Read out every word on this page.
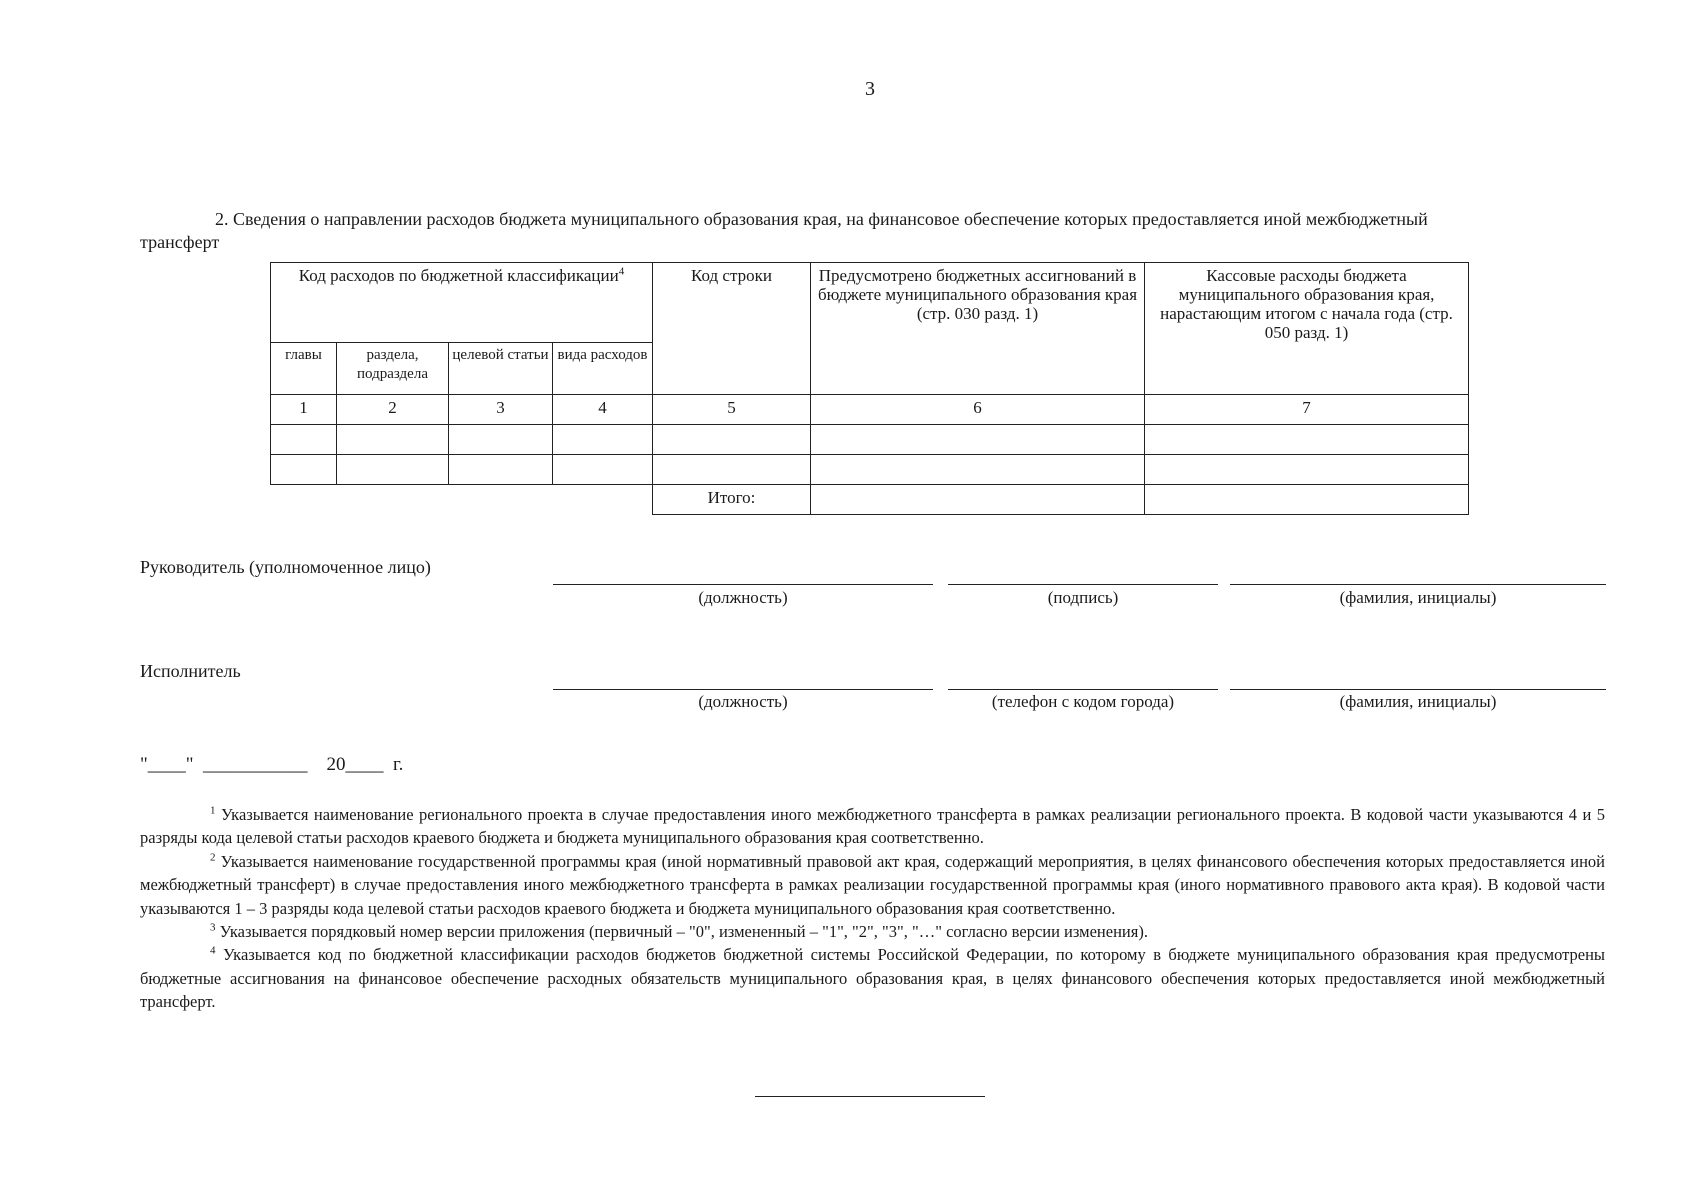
3
2. Сведения о направлении расходов бюджета муниципального образования края, на финансовое обеспечение которых предоставляется иной межбюджетный трансферт
Код расходов по бюджетной классификации$^4$				Код строки	Предусмотрено бюджетных ассигнований в бюджете муниципального образования края (стр. 030 разд. 1)	Кассовые расходы бюджета муниципального образования края, нарастающим итогом с начала года (стр. 050 разд. 1)
главы	раздела, подраздела	целевой статьи	вида расходов			
1	2	3	4	5	6	7

				Итого:		
Руководитель (уполномоченное лицо)
(должность)	(подпись)	(фамилия, инициалы)
Исполнитель
(должность)	(телефон с кодом города)	(фамилия, инициалы)
"____"  ___________    20____  г.

$^1$ Указывается наименование регионального проекта в случае предоставления иного межбюджетного трансферта в рамках реализации регионального проекта. В кодовой части указываются 4 и 5 разряды кода целевой статьи расходов краевого бюджета и бюджета муниципального образования края соответственно.

$^2$ Указывается наименование государственной программы края (иной нормативный правовой акт края, содержащий мероприятия, в целях финансового обеспечения которых предоставляется иной межбюджетный трансферт) в случае предоставления иного межбюджетного трансферта в рамках реализации государственной программы края (иного нормативного правового акта края). В кодовой части указываются 1 – 3 разряды кода целевой статьи расходов краевого бюджета и бюджета муниципального образования края соответственно.

$^3$ Указывается порядковый номер версии приложения (первичный – "0", измененный – "1", "2", "3", "…" согласно версии изменения).

$^4$ Указывается код по бюджетной классификации расходов бюджетов бюджетной системы Российской Федерации, по которому в бюджете муниципального образования края предусмотрены бюджетные ассигнования на финансовое обеспечение расходных обязательств муниципального образования края, в целях финансового обеспечения которых предоставляется иной межбюджетный трансферт.
